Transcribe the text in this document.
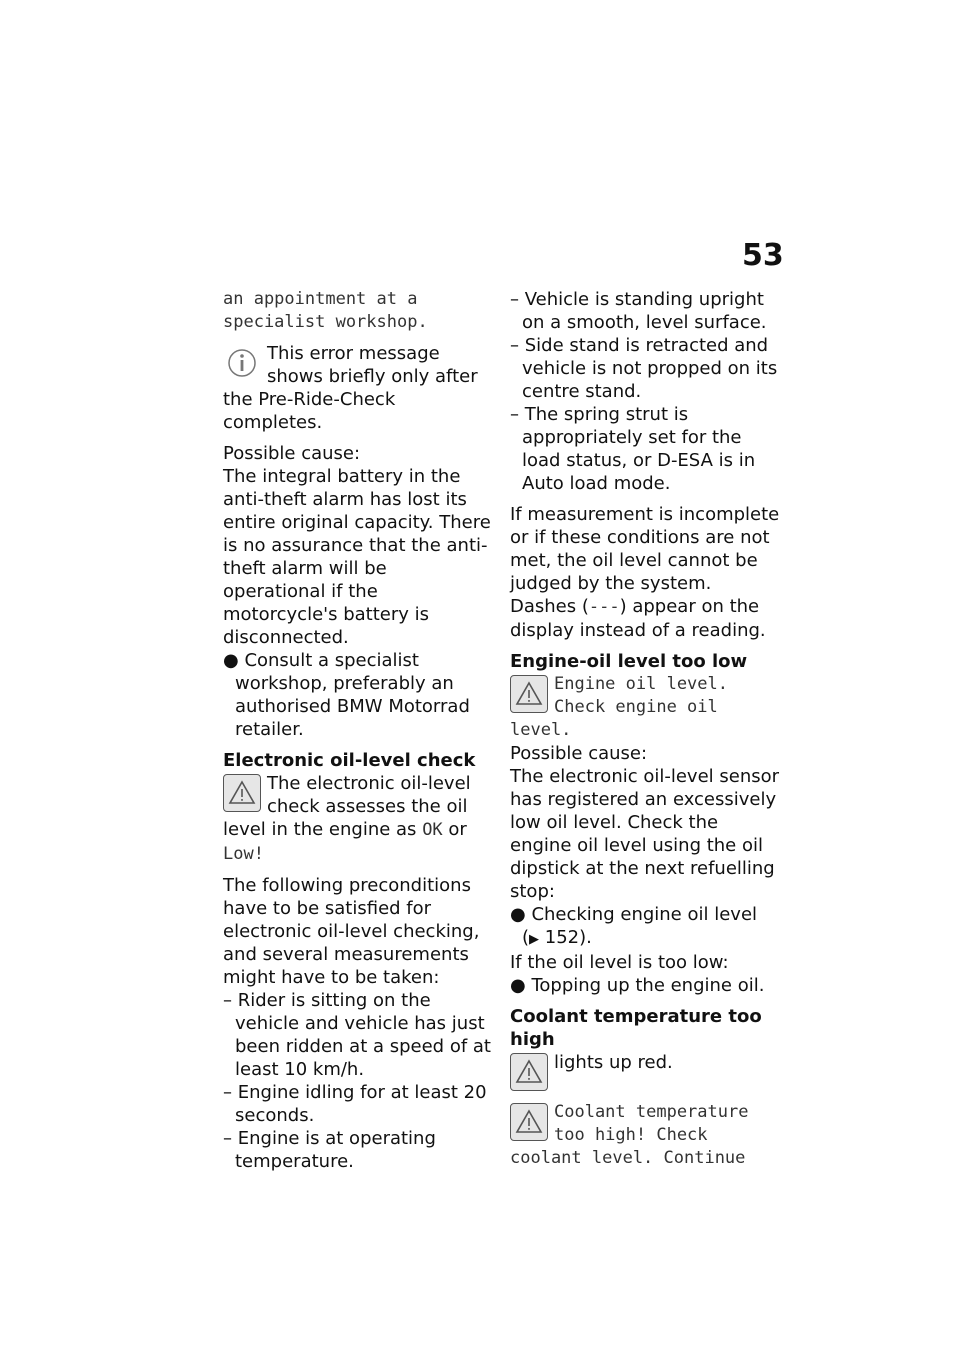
53

an appointment at a specialist workshop.

This error message shows briefly only after the Pre-Ride-Check completes.

Possible cause:

The integral battery in the anti-theft alarm has lost its entire original capacity. There is no assurance that the anti-theft alarm will be operational if the motorcycle's battery is disconnected.

● Consult a specialist workshop, preferably an authorised BMW Motorrad retailer.

Electronic oil-level check

The electronic oil-level check assesses the oil level in the engine as OK or Low!

The following preconditions have to be satisfied for electronic oil-level checking, and several measurements might have to be taken:

– Rider is sitting on the vehicle and vehicle has just been ridden at a speed of at least 10 km/h.

– Engine idling for at least 20 seconds.

– Engine is at operating temperature.

– Vehicle is standing upright on a smooth, level surface.

– Side stand is retracted and vehicle is not propped on its centre stand.

– The spring strut is appropriately set for the load status, or D-ESA is in Auto load mode.

If measurement is incomplete or if these conditions are not met, the oil level cannot be judged by the system. Dashes (---) appear on the display instead of a reading.

Engine-oil level too low

Engine oil level. Check engine oil level.

Possible cause:

The electronic oil-level sensor has registered an excessively low oil level. Check the engine oil level using the oil dipstick at the next refuelling stop:

● Checking engine oil level
(▶ 152).

If the oil level is too low:

● Topping up the engine oil.

Coolant temperature too high

lights up red.

Coolant temperature too high! Check coolant level. Continue
